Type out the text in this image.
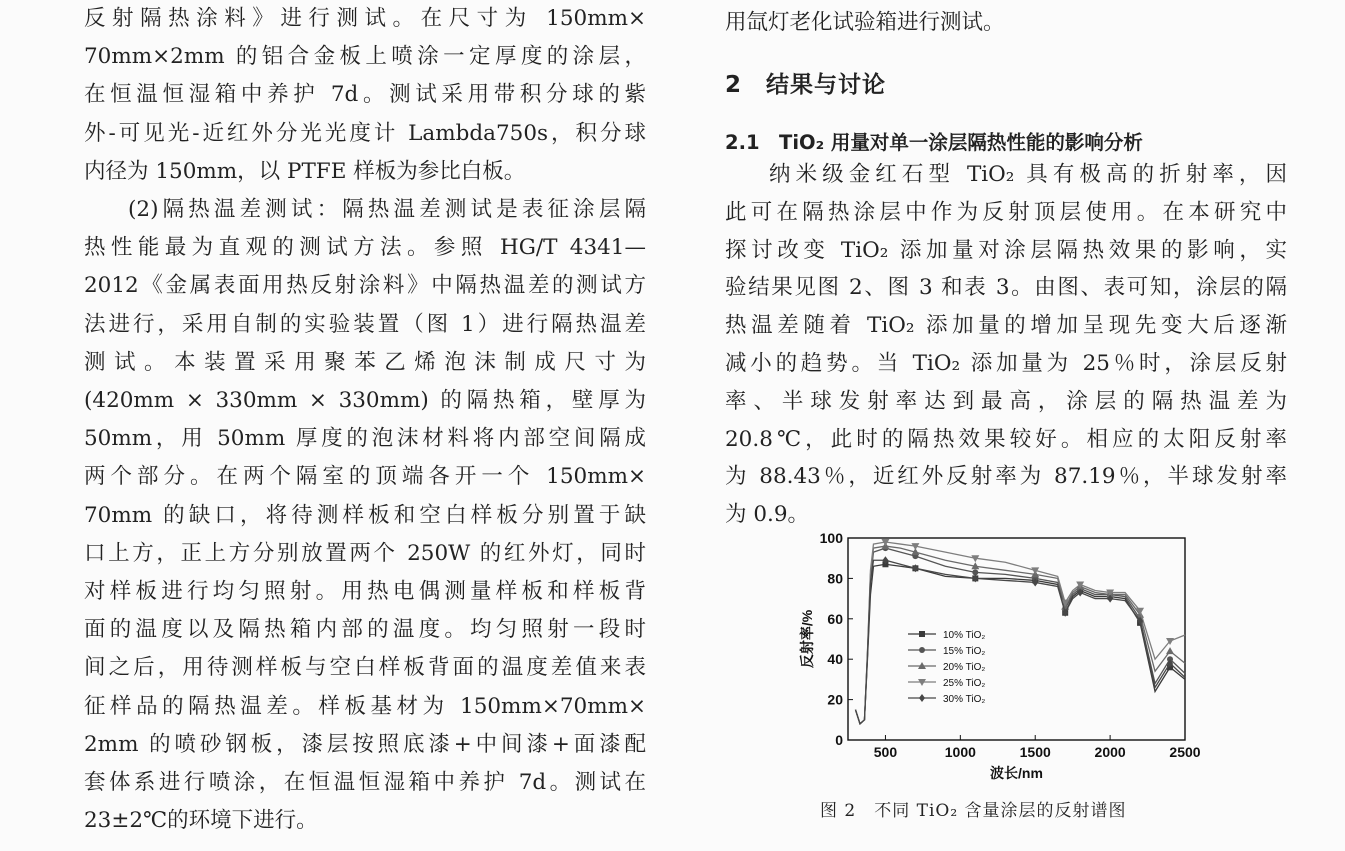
反射隔热涂料》进行测试。在尺寸为 150mm×
70mm×2mm 的铝合金板上喷涂一定厚度的涂层，
在恒温恒湿箱中养护 7d。测试采用带积分球的紫
外-可见光-近红外分光光度计 Lambda750s，积分球
内径为 150mm，以 PTFE 样板为参比白板。
(2)隔热温差测试：隔热温差测试是表征涂层隔
热性能最为直观的测试方法。参照 HG/T 4341—
2012《金属表面用热反射涂料》中隔热温差的测试方
法进行，采用自制的实验装置（图 1）进行隔热温差
测试。本装置采用聚苯乙烯泡沫制成尺寸为
(420mm × 330mm × 330mm) 的隔热箱，壁厚为
50mm，用 50mm 厚度的泡沫材料将内部空间隔成
两个部分。在两个隔室的顶端各开一个 150mm×
70mm 的缺口，将待测样板和空白样板分别置于缺
口上方，正上方分别放置两个 250W 的红外灯，同时
对样板进行均匀照射。用热电偶测量样板和样板背
面的温度以及隔热箱内部的温度。均匀照射一段时
间之后，用待测样板与空白样板背面的温度差值来表
征样品的隔热温差。样板基材为 150mm×70mm×
2mm 的喷砂钢板，漆层按照底漆+中间漆+面漆配
套体系进行喷涂，在恒温恒湿箱中养护 7d。测试在
23±2℃的环境下进行。
用氙灯老化试验箱进行测试。
2　结果与讨论
2.1　TiO₂ 用量对单一涂层隔热性能的影响分析
纳米级金红石型 TiO₂ 具有极高的折射率，因
此可在隔热涂层中作为反射顶层使用。在本研究中
探讨改变 TiO₂ 添加量对涂层隔热效果的影响，实
验结果见图 2、图 3 和表 3。由图、表可知，涂层的隔
热温差随着 TiO₂ 添加量的增加呈现先变大后逐渐
减小的趋势。当 TiO₂ 添加量为 25％时，涂层反射
率、半球发射率达到最高，涂层的隔热温差为
20.8℃，此时的隔热效果较好。相应的太阳反射率
为 88.43％，近红外反射率为 87.19％，半球发射率
为 0.9。
500	1000	1500	2000	2500
0
20
40
60
80
100
波长/nm
反射率/%	10% TiO₂
15% TiO₂
20% TiO₂
25% TiO₂
30% TiO₂
图 2　不同 TiO₂ 含量涂层的反射谱图
